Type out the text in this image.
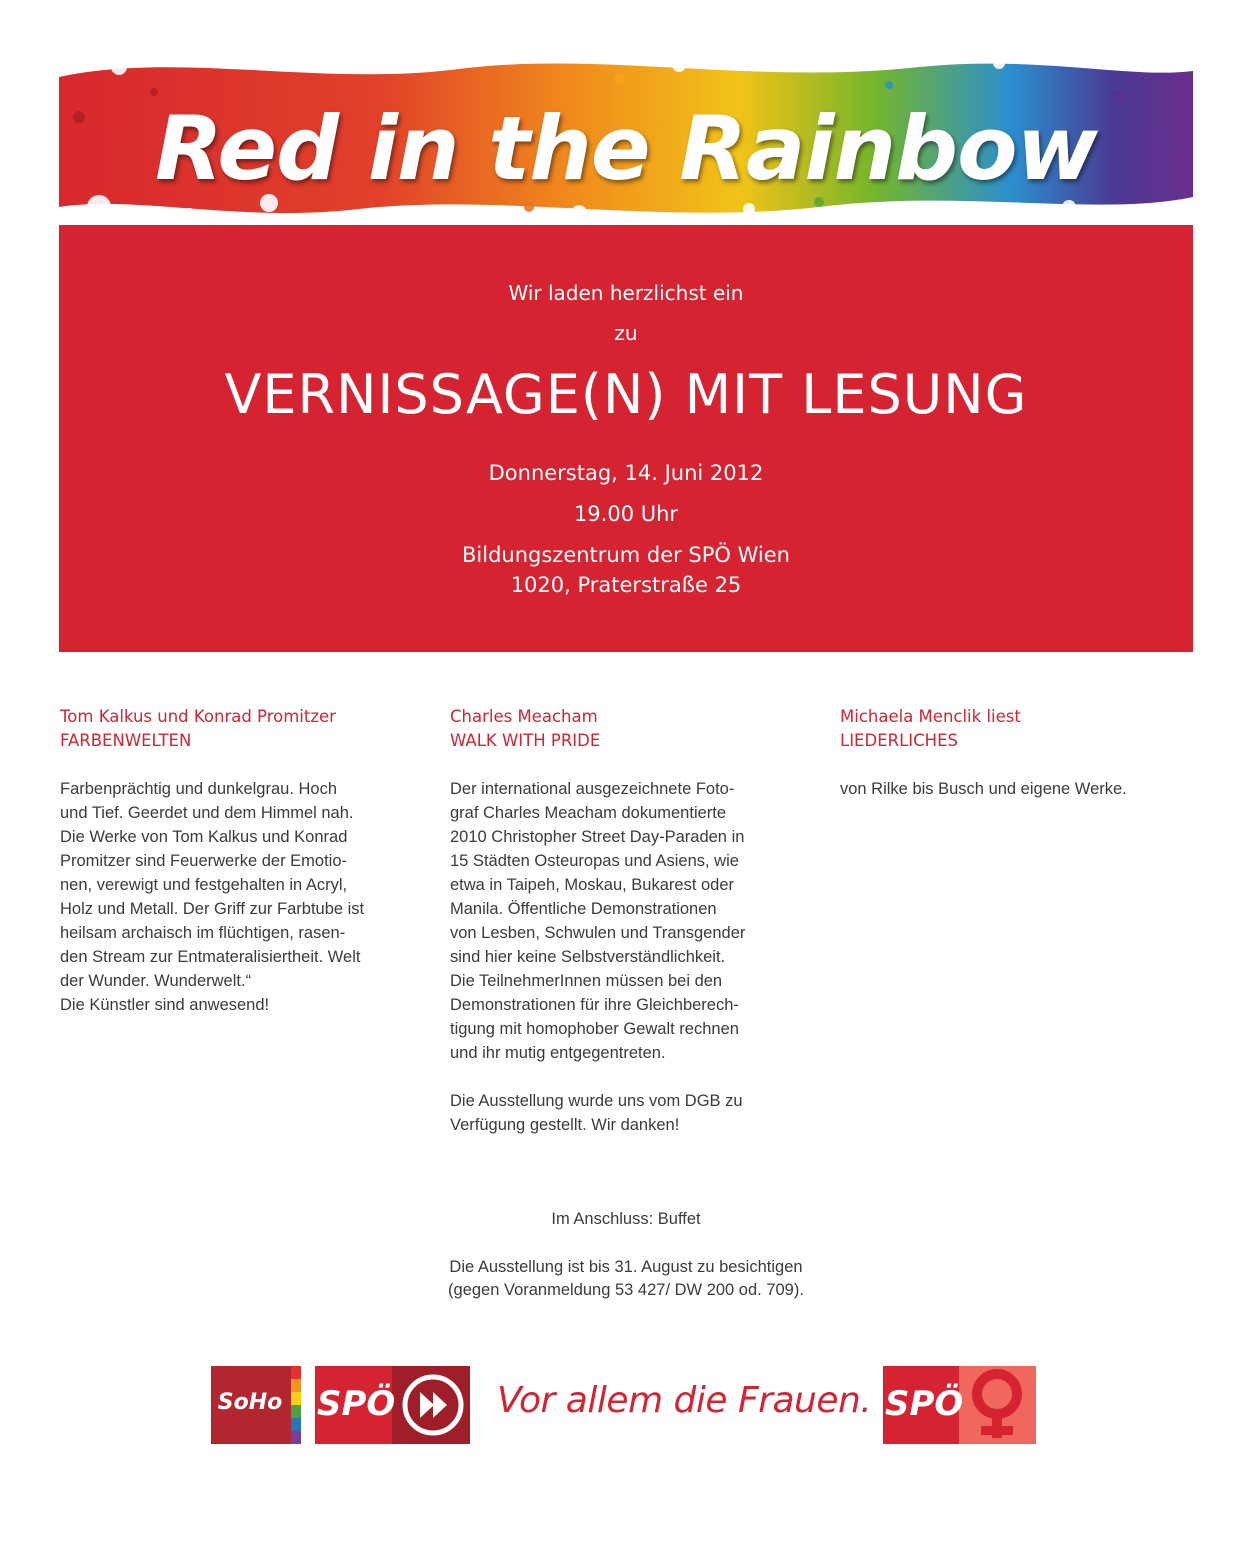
Red in the Rainbow
Wir laden herzlichst ein
zu
VERNISSAGE(N) MIT LESUNG
Donnerstag, 14. Juni 2012
19.00 Uhr
Bildungszentrum der SPÖ Wien
1020, Praterstraße 25

Tom Kalkus und Konrad Promitzer

FARBENWELTEN

Farbenprächtig und dunkelgrau. Hoch

und Tief. Geerdet und dem Himmel nah.

Die Werke von Tom Kalkus und Konrad

Promitzer sind Feuerwerke der Emotio-

nen, verewigt und festgehalten in Acryl,

Holz und Metall. Der Griff zur Farbtube ist

heilsam archaisch im flüchtigen, rasen-

den Stream zur Entmateralisiertheit. Welt

der Wunder. Wunderwelt.“

Die Künstler sind anwesend!

Charles Meacham

WALK WITH PRIDE

Der international ausgezeichnete Foto-

graf Charles Meacham dokumentierte

2010 Christopher Street Day-Paraden in

15 Städten Osteuropas und Asiens, wie

etwa in Taipeh, Moskau, Bukarest oder

Manila. Öffentliche Demonstrationen

von Lesben, Schwulen und Transgender

sind hier keine Selbstverständlichkeit.

Die TeilnehmerInnen müssen bei den

Demonstrationen für ihre Gleichberech-

tigung mit homophober Gewalt rechnen

und ihr mutig entgegentreten.

Die Ausstellung wurde uns vom DGB zu

Verfügung gestellt. Wir danken!

Michaela Menclik liest

LIEDERLICHES

von Rilke bis Busch und eigene Werke.

Im Anschluss: Buffet
Die Ausstellung ist bis 31. August zu besichtigen
(gegen Voranmeldung 53 427/ DW 200 od. 709).
SoHo SPÖ	Vor allem die Frauen. SPÖ
